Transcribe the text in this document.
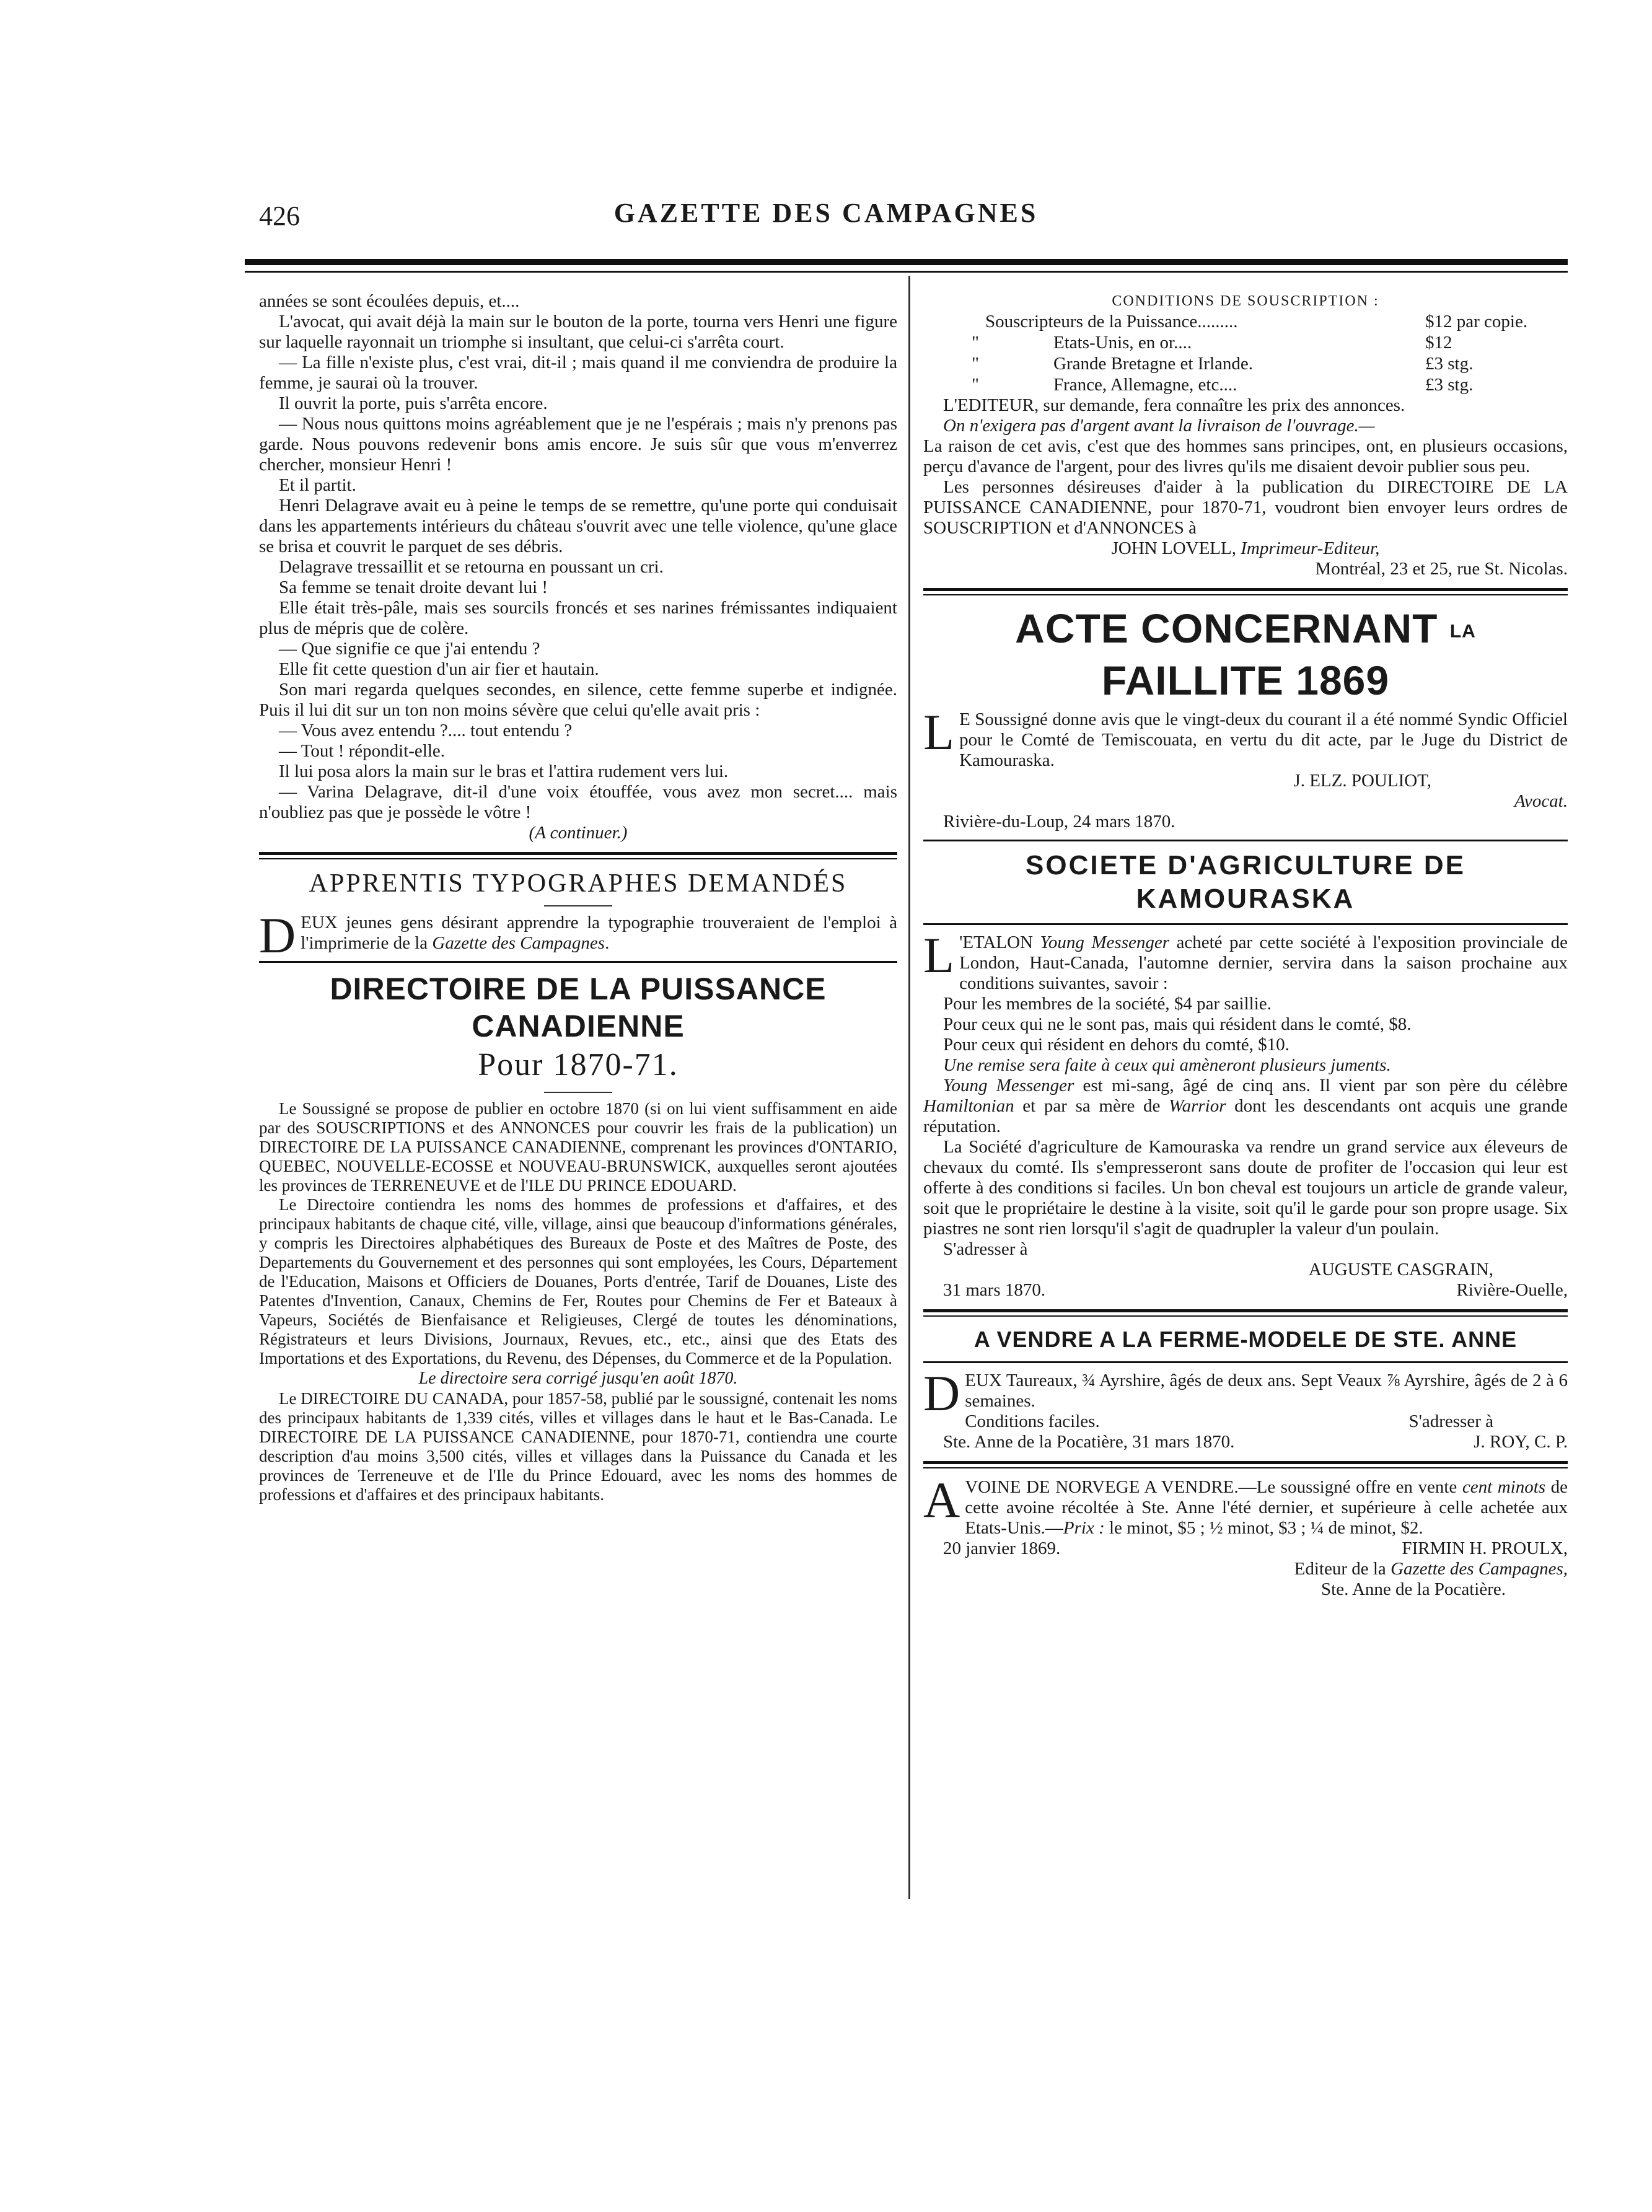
426	GAZETTE DES CAMPAGNES

années se sont écoulées depuis, et....

L'avocat, qui avait déjà la main sur le bouton de la porte, tourna vers Henri une figure sur laquelle rayonnait un triomphe si insultant, que celui-ci s'arrêta court.

— La fille n'existe plus, c'est vrai, dit-il ; mais quand il me conviendra de produire la femme, je saurai où la trouver.

Il ouvrit la porte, puis s'arrêta encore.

— Nous nous quittons moins agréablement que je ne l'espérais ; mais n'y prenons pas garde. Nous pouvons redevenir bons amis encore. Je suis sûr que vous m'enverrez chercher, monsieur Henri !

Et il partit.

Henri Delagrave avait eu à peine le temps de se remettre, qu'une porte qui conduisait dans les appartements intérieurs du château s'ouvrit avec une telle violence, qu'une glace se brisa et couvrit le parquet de ses débris.

Delagrave tressaillit et se retourna en poussant un cri.

Sa femme se tenait droite devant lui !

Elle était très-pâle, mais ses sourcils froncés et ses narines frémissantes indiquaient plus de mépris que de colère.

— Que signifie ce que j'ai entendu ?

Elle fit cette question d'un air fier et hautain.

Son mari regarda quelques secondes, en silence, cette femme superbe et indignée. Puis il lui dit sur un ton non moins sévère que celui qu'elle avait pris :

— Vous avez entendu ?.... tout entendu ?

— Tout ! répondit-elle.

Il lui posa alors la main sur le bras et l'attira rudement vers lui.

— Varina Delagrave, dit-il d'une voix étouffée, vous avez mon secret.... mais n'oubliez pas que je possède le vôtre !

(A continuer.)

APPRENTIS TYPOGRAPHES DEMANDÉS

DEUX jeunes gens désirant apprendre la typographie trouveraient de l'emploi à l'imprimerie de la Gazette des Campagnes.

DIRECTOIRE DE LA PUISSANCE CANADIENNE
Pour 1870-71.

Le Soussigné se propose de publier en octobre 1870 (si on lui vient suffisamment en aide par des SOUSCRIPTIONS et des ANNONCES pour couvrir les frais de la publication) un DIRECTOIRE DE LA PUISSANCE CANADIENNE, comprenant les provinces d'ONTARIO, QUEBEC, NOUVELLE-ECOSSE et NOUVEAU-BRUNSWICK, auxquelles seront ajoutées les provinces de TERRENEUVE et de l'ILE DU PRINCE EDOUARD.

Le Directoire contiendra les noms des hommes de professions et d'affaires, et des principaux habitants de chaque cité, ville, village, ainsi que beaucoup d'informations générales, y compris les Directoires alphabétiques des Bureaux de Poste et des Maîtres de Poste, des Departements du Gouvernement et des personnes qui sont employées, les Cours, Département de l'Education, Maisons et Officiers de Douanes, Ports d'entrée, Tarif de Douanes, Liste des Patentes d'Invention, Canaux, Chemins de Fer, Routes pour Chemins de Fer et Bateaux à Vapeurs, Sociétés de Bienfaisance et Religieuses, Clergé de toutes les dénominations, Régistrateurs et leurs Divisions, Journaux, Revues, etc., etc., ainsi que des Etats des Importations et des Exportations, du Revenu, des Dépenses, du Commerce et de la Population.

Le directoire sera corrigé jusqu'en août 1870.

Le DIRECTOIRE DU CANADA, pour 1857-58, publié par le soussigné, contenait les noms des principaux habitants de 1,339 cités, villes et villages dans le haut et le Bas-Canada. Le DIRECTOIRE DE LA PUISSANCE CANADIENNE, pour 1870-71, contiendra une courte description d'au moins 3,500 cités, villes et villages dans la Puissance du Canada et les provinces de Terreneuve et de l'Ile du Prince Edouard, avec les noms des hommes de professions et d'affaires et des principaux habitants.

CONDITIONS DE SOUSCRIPTION :
Souscripteurs de la Puissance.........	$12 par copie.
"	Etats-Unis, en or....	$12
"	Grande Bretagne et Irlande.	£3 stg.
"	France, Allemagne, etc....	£3 stg.

L'EDITEUR, sur demande, fera connaître les prix des annonces.

On n'exigera pas d'argent avant la livraison de l'ouvrage.—

La raison de cet avis, c'est que des hommes sans principes, ont, en plusieurs occasions, perçu d'avance de l'argent, pour des livres qu'ils me disaient devoir publier sous peu.

Les personnes désireuses d'aider à la publication du DIRECTOIRE DE LA PUISSANCE CANADIENNE, pour 1870-71, voudront bien envoyer leurs ordres de SOUSCRIPTION et d'ANNONCES à

JOHN LOVELL, Imprimeur-Editeur,

Montréal, 23 et 25, rue St. Nicolas.

ACTE CONCERNANT LA FAILLITE 1869

L E Soussigné donne avis que le vingt-deux du courant il a été nommé Syndic Officiel pour le Comté de Temiscouata, en vertu du dit acte, par le Juge du District de Kamouraska.

J. ELZ. POULIOT,

Avocat.

Rivière-du-Loup, 24 mars 1870.

SOCIETE D'AGRICULTURE DE KAMOURASKA

L 'ETALON Young Messenger acheté par cette société à l'exposition provinciale de London, Haut-Canada, l'automne dernier, servira dans la saison prochaine aux conditions suivantes, savoir :

Pour les membres de la société, $4 par saillie.

Pour ceux qui ne le sont pas, mais qui résident dans le comté, $8.

Pour ceux qui résident en dehors du comté, $10.

Une remise sera faite à ceux qui amèneront plusieurs juments.

Young Messenger est mi-sang, âgé de cinq ans. Il vient par son père du célèbre Hamiltonian et par sa mère de Warrior dont les descendants ont acquis une grande réputation.

La Société d'agriculture de Kamouraska va rendre un grand service aux éleveurs de chevaux du comté. Ils s'empresseront sans doute de profiter de l'occasion qui leur est offerte à des conditions si faciles. Un bon cheval est toujours un article de grande valeur, soit que le propriétaire le destine à la visite, soit qu'il le garde pour son propre usage. Six piastres ne sont rien lorsqu'il s'agit de quadrupler la valeur d'un poulain.

S'adresser à

AUGUSTE CASGRAIN,

31 mars 1870.	Rivière-Ouelle,
A VENDRE A LA FERME-MODELE DE STE. ANNE

DEUX Taureaux, ¾ Ayrshire, âgés de deux ans. Sept Veaux ⅞ Ayrshire, âgés de 2 à 6 semaines.

Conditions faciles.	S'adresser à
Ste. Anne de la Pocatière, 31 mars 1870.	J. ROY, C. P.

AVOINE DE NORVEGE A VENDRE.—Le soussigné offre en vente cent minots de cette avoine récoltée à Ste. Anne l'été dernier, et supérieure à celle achetée aux Etats-Unis.—Prix : le minot, $5 ; ½ minot, $3 ; ¼ de minot, $2.

20 janvier 1869.	FIRMIN H. PROULX,

Editeur de la Gazette des Campagnes,

Ste. Anne de la Pocatière.
